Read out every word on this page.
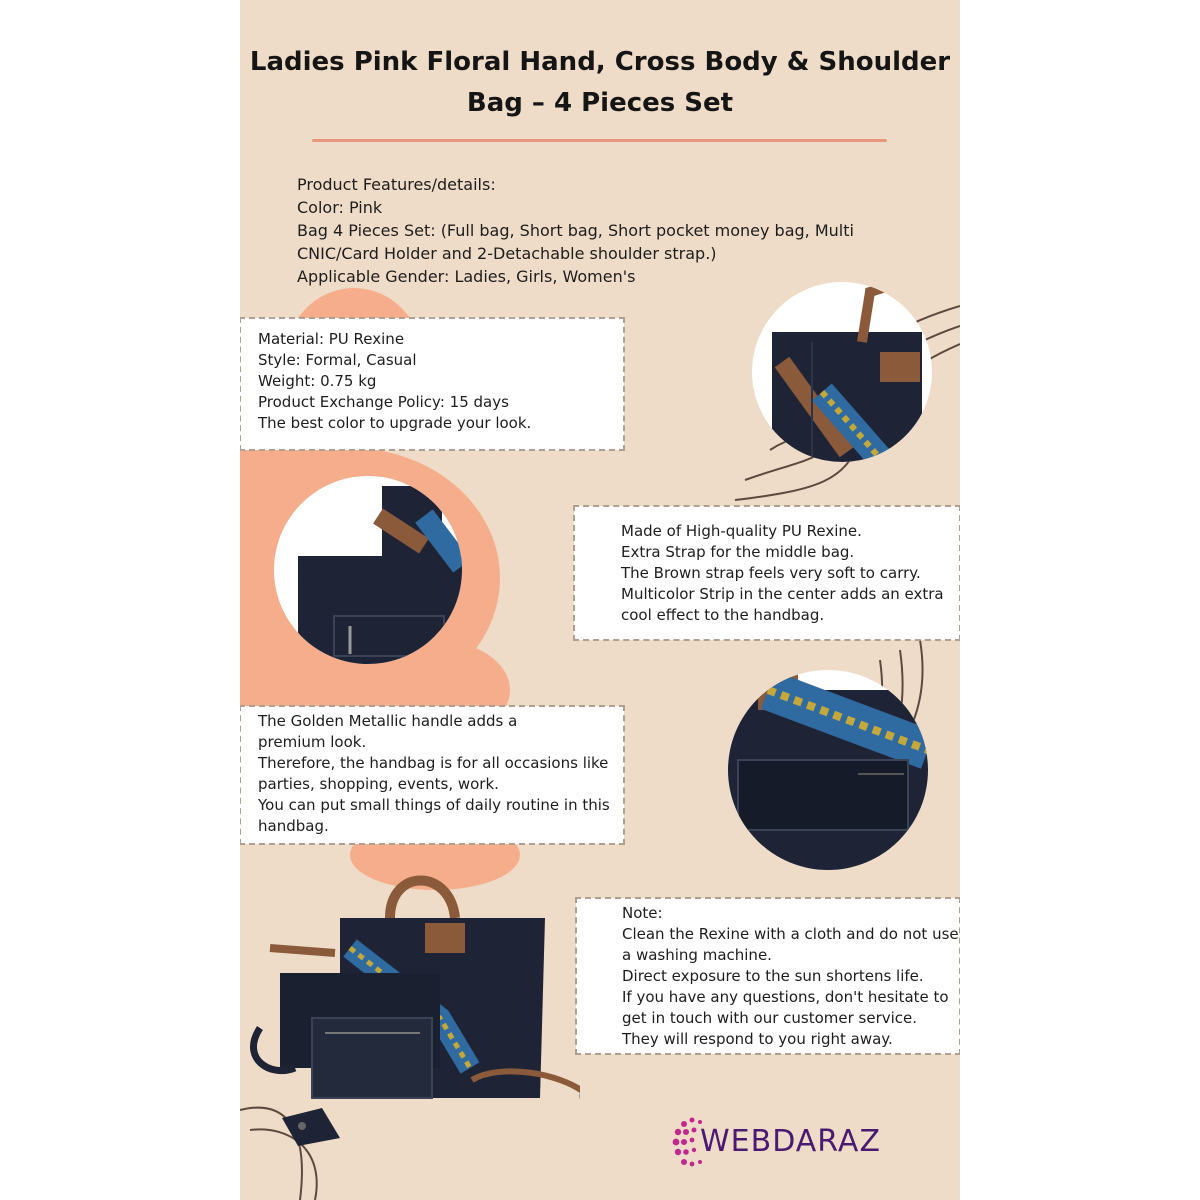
Ladies Pink Floral Hand, Cross Body & Shoulder
Bag – 4 Pieces Set
Product Features/details:
Color: Pink
Bag 4 Pieces Set: (Full bag, Short bag, Short pocket money bag, Multi
CNIC/Card Holder and 2-Detachable shoulder strap.)
Applicable Gender: Ladies, Girls, Women's
Material: PU Rexine
Style: Formal, Casual
Weight: 0.75 kg
Product Exchange Policy: 15 days
The best color to upgrade your look.
Made of High-quality PU Rexine.
Extra Strap for the middle bag.
The Brown strap feels very soft to carry.
Multicolor Strip in the center adds an extra
cool effect to the handbag.
The Golden Metallic handle adds a
premium look.
Therefore, the handbag is for all occasions like
parties, shopping, events, work.
You can put small things of daily routine in this
handbag.
Note:
Clean the Rexine with a cloth and do not use
a washing machine.
Direct exposure to the sun shortens life.
If you have any questions, don't hesitate to
get in touch with our customer service.
They will respond to you right away.
WEBDARAZ
